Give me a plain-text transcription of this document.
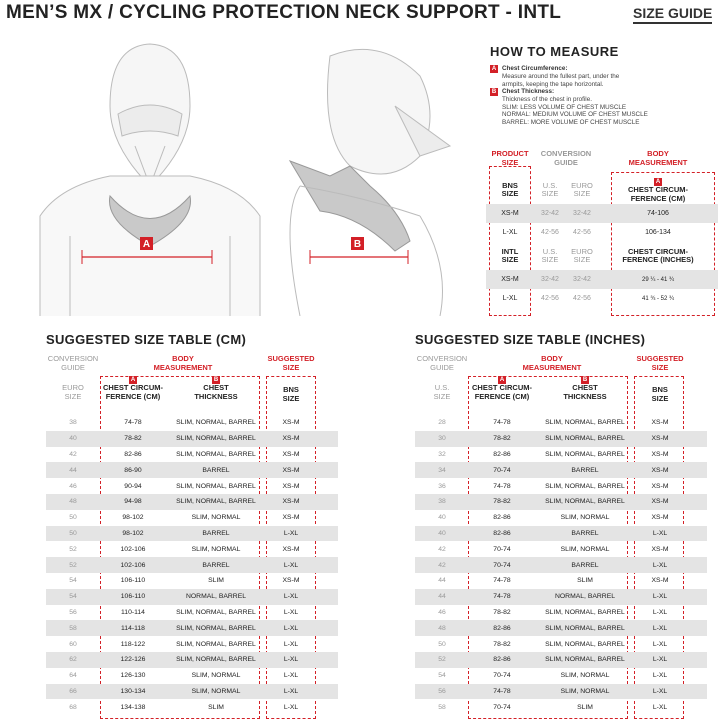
MEN’S MX / CYCLING PROTECTION NECK SUPPORT - INTL	SIZE GUIDE
A	B
HOW TO MEASURE
A Chest Circumference:
Measure around the fullest part, under the
armpits, keeping the tape horizontal.
B Chest Thickness:
Thickness of the chest in profile.
SLIM: LESS VOLUME OF CHEST MUSCLE
NORMAL: MEDIUM VOLUME OF CHEST MUSCLE
BARREL: MORE VOLUME OF CHEST MUSCLE
PRODUCT
SIZE
CONVERSION
GUIDE
BODY
MEASUREMENT
BNS
SIZE
U.S.
SIZE
EURO
SIZE
A
CHEST CIRCUM-
FERENCE (CM)
XS-M	32-42	32-42	74-106
L-XL	42-56	42-56	106-134
INTL
SIZE
U.S.
SIZE
EURO
SIZE
CHEST CIRCUM-
FERENCE (INCHES)
XS-M	32-42	32-42	29 ¼ - 41 ¾
L-XL	42-56	42-56	41 ¾ - 52 ¾
SUGGESTED SIZE TABLE (CM)
CONVERSION
GUIDE
EURO
SIZE
BODY
MEASUREMENT
A
CHEST CIRCUM-
FERENCE (CM)
B
CHEST
THICKNESS
SUGGESTED
SIZE
BNS
SIZE
38	74-78	SLIM, NORMAL, BARREL	XS-M
40	78-82	SLIM, NORMAL, BARREL	XS-M
42	82-86	SLIM, NORMAL, BARREL	XS-M
44	86-90	BARREL	XS-M
46	90-94	SLIM, NORMAL, BARREL	XS-M
48	94-98	SLIM, NORMAL, BARREL	XS-M
50	98-102	SLIM, NORMAL	XS-M
50	98-102	BARREL	L-XL
52	102-106	SLIM, NORMAL	XS-M
52	102-106	BARREL	L-XL
54	106-110	SLIM	XS-M
54	106-110	NORMAL, BARREL	L-XL
56	110-114	SLIM, NORMAL, BARREL	L-XL
58	114-118	SLIM, NORMAL, BARREL	L-XL
60	118-122	SLIM, NORMAL, BARREL	L-XL
62	122-126	SLIM, NORMAL, BARREL	L-XL
64	126-130	SLIM, NORMAL	L-XL
66	130-134	SLIM, NORMAL	L-XL
68	134-138	SLIM	L-XL
SUGGESTED SIZE TABLE (INCHES)
CONVERSION
GUIDE
U.S.
SIZE
BODY
MEASUREMENT
A
CHEST CIRCUM-
FERENCE (CM)
B
CHEST
THICKNESS
SUGGESTED
SIZE
BNS
SIZE
28	74-78	SLIM, NORMAL, BARREL	XS-M
30	78-82	SLIM, NORMAL, BARREL	XS-M
32	82-86	SLIM, NORMAL, BARREL	XS-M
34	70-74	BARREL	XS-M
36	74-78	SLIM, NORMAL, BARREL	XS-M
38	78-82	SLIM, NORMAL, BARREL	XS-M
40	82-86	SLIM, NORMAL	XS-M
40	82-86	BARREL	L-XL
42	70-74	SLIM, NORMAL	XS-M
42	70-74	BARREL	L-XL
44	74-78	SLIM	XS-M
44	74-78	NORMAL, BARREL	L-XL
46	78-82	SLIM, NORMAL, BARREL	L-XL
48	82-86	SLIM, NORMAL, BARREL	L-XL
50	78-82	SLIM, NORMAL, BARREL	L-XL
52	82-86	SLIM, NORMAL, BARREL	L-XL
54	70-74	SLIM, NORMAL	L-XL
56	74-78	SLIM, NORMAL	L-XL
58	70-74	SLIM	L-XL
